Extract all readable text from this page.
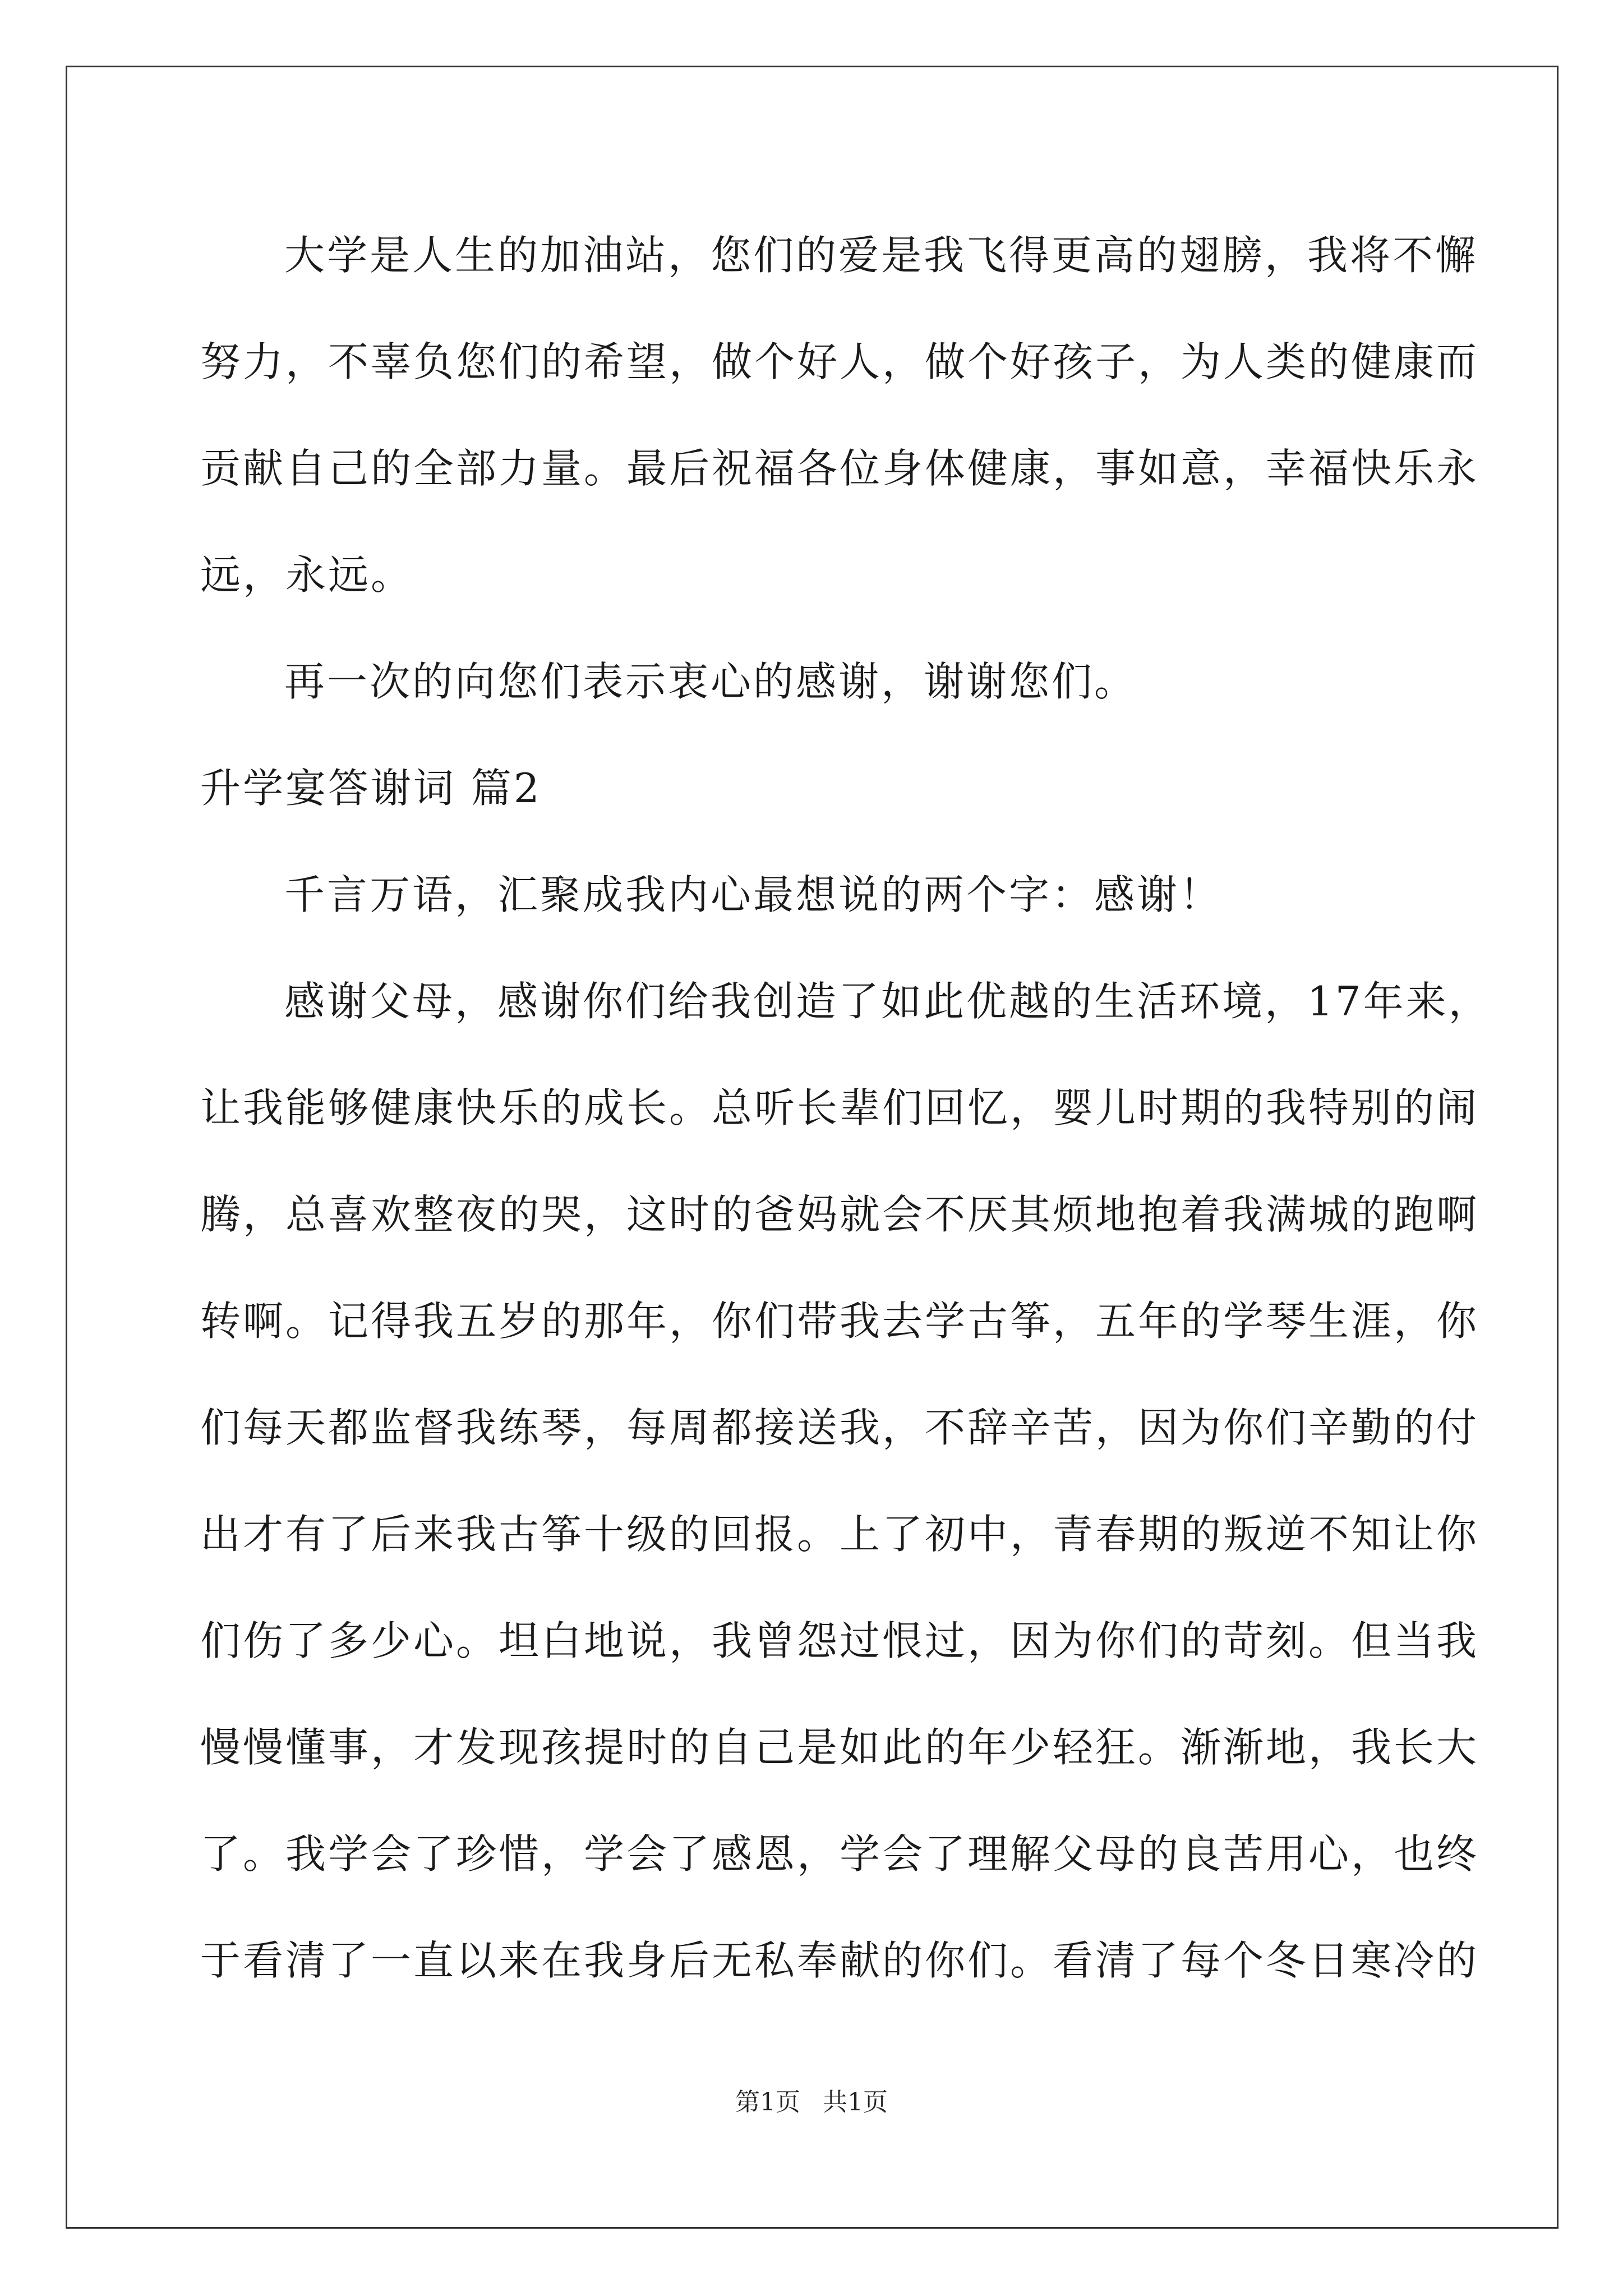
大学是人生的加油站，您们的爱是我飞得更高的翅膀，我将不懈
努力，不辜负您们的希望，做个好人，做个好孩子，为人类的健康而
贡献自己的全部力量。最后祝福各位身体健康，事如意，幸福快乐永
远，永远。
再一次的向您们表示衷心的感谢，谢谢您们。
升学宴答谢词 篇2
千言万语，汇聚成我内心最想说的两个字：感谢！
感谢父母，感谢你们给我创造了如此优越的生活环境，17年来，
让我能够健康快乐的成长。总听长辈们回忆，婴儿时期的我特别的闹
腾，总喜欢整夜的哭，这时的爸妈就会不厌其烦地抱着我满城的跑啊
转啊。记得我五岁的那年，你们带我去学古筝，五年的学琴生涯，你
们每天都监督我练琴，每周都接送我，不辞辛苦，因为你们辛勤的付
出才有了后来我古筝十级的回报。上了初中，青春期的叛逆不知让你
们伤了多少心。坦白地说，我曾怨过恨过，因为你们的苛刻。但当我
慢慢懂事，才发现孩提时的自己是如此的年少轻狂。渐渐地，我长大
了。我学会了珍惜，学会了感恩，学会了理解父母的良苦用心，也终
于看清了一直以来在我身后无私奉献的你们。看清了每个冬日寒冷的
第1页 共1页
